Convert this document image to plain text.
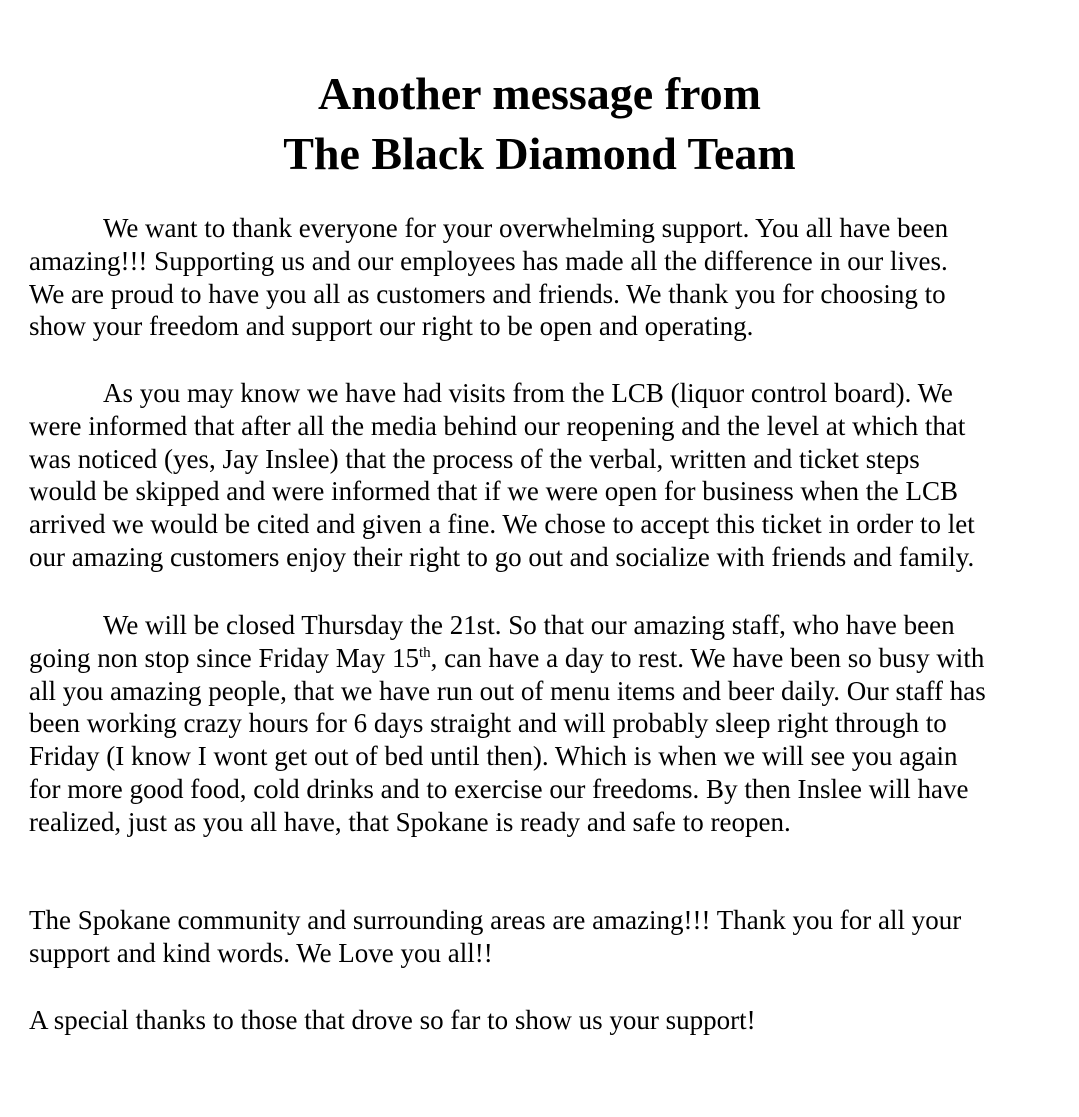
Another message from
The Black Diamond Team
We want to thank everyone for your overwhelming support. You all have been
amazing!!! Supporting us and our employees has made all the difference in our lives.
We are proud to have you all as customers and friends. We thank you for choosing to
show your freedom and support our right to be open and operating.
As you may know we have had visits from the LCB (liquor control board). We
were informed that after all the media behind our reopening and the level at which that
was noticed (yes, Jay Inslee) that the process of the verbal, written and ticket steps
would be skipped and were informed that if we were open for business when the LCB
arrived we would be cited and given a fine. We chose to accept this ticket in order to let
our amazing customers enjoy their right to go out and socialize with friends and family.
We will be closed Thursday the 21st. So that our amazing staff, who have been
going non stop since Friday May 15th, can have a day to rest. We have been so busy with
all you amazing people, that we have run out of menu items and beer daily. Our staff has
been working crazy hours for 6 days straight and will probably sleep right through to
Friday (I know I wont get out of bed until then). Which is when we will see you again
for more good food, cold drinks and to exercise our freedoms. By then Inslee will have
realized, just as you all have, that Spokane is ready and safe to reopen.
The Spokane community and surrounding areas are amazing!!! Thank you for all your
support and kind words. We Love you all!!
A special thanks to those that drove so far to show us your support!
